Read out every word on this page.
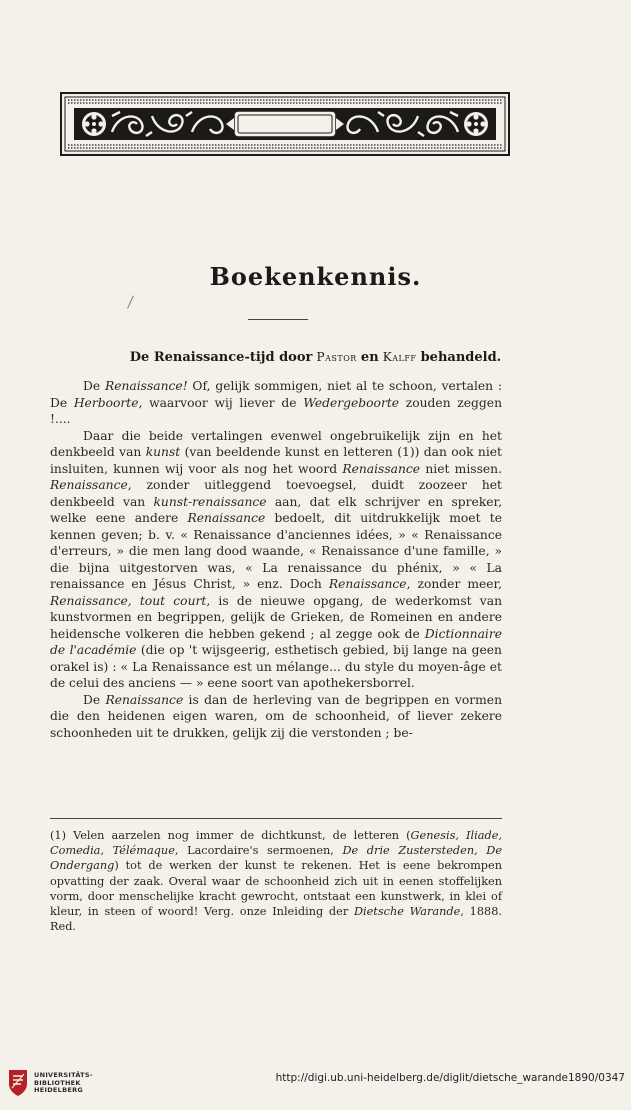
Boekenkennis.
De Renaissance-tijd door Pastor en Kalff behandeld.

De Renaissance! Of, gelijk sommigen, niet al te schoon, vertalen : De Herboorte, waarvoor wij liever de Wedergeboorte zouden zeggen !....

Daar die beide vertalingen evenwel ongebruikelijk zijn en het denkbeeld van kunst (van beeldende kunst en letteren (1)) dan ook niet insluiten, kunnen wij voor als nog het woord Renaissance niet missen. Renaissance, zonder uitleggend toevoegsel, duidt zoozeer het denkbeeld van kunst-renaissance aan, dat elk schrijver en spreker, welke eene andere Renaissance bedoelt, dit uitdrukkelijk moet te kennen geven; b. v. « Renaissance d'anciennes idées, » « Renaissance d'erreurs, » die men lang dood waande, « Renaissance d'une famille, » die bijna uitgestorven was, « La renaissance du phénix, » « La renaissance en Jésus Christ, » enz. Doch Renaissance, zonder meer, Renaissance, tout court, is de nieuwe opgang, de wederkomst van kunstvormen en begrippen, gelijk de Grieken, de Romeinen en andere heidensche volkeren die hebben gekend ; al zegge ook de Dictionnaire de l'académie (die op 't wijsgeerig, esthetisch gebied, bij lange na geen orakel is) : « La Renaissance est un mélange... du style du moyen-âge et de celui des anciens — » eene soort van apothekersborrel.

De Renaissance is dan de herleving van de begrippen en vormen die den heidenen eigen waren, om de schoonheid, of liever zekere schoonheden uit te drukken, gelijk zij die verstonden ; be-

(1) Velen aarzelen nog immer de dichtkunst, de letteren (Genesis, Iliade, Comedia, Télémaque, Lacordaire's sermoenen, De drie Zustersteden, De Ondergang) tot de werken der kunst te rekenen. Het is eene bekrompen opvatting der zaak. Overal waar de schoonheid zich uit in eenen stoffelijken vorm, door menschelijke kracht gewrocht, ontstaat een kunstwerk, in klei of kleur, in steen of woord! Verg. onze Inleiding der Dietsche Warande, 1888. Red.
UNIVERSITÄTS-
BIBLIOTHEK
HEIDELBERG
http://digi.ub.uni-heidelberg.de/diglit/dietsche_warande1890/0347
